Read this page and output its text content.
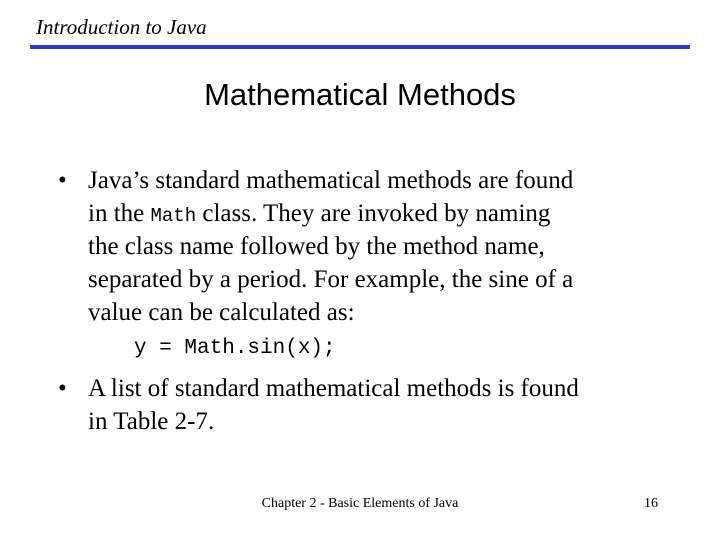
Introduction to Java
Mathematical Methods
• Java’s standard mathematical methods are found
in the Math class. They are invoked by naming
the class name followed by the method name,
separated by a period. For example, the sine of a
value can be calculated as:
y = Math.sin(x);
• A list of standard mathematical methods is found
in Table 2-7.
Chapter 2 - Basic Elements of Java	16
